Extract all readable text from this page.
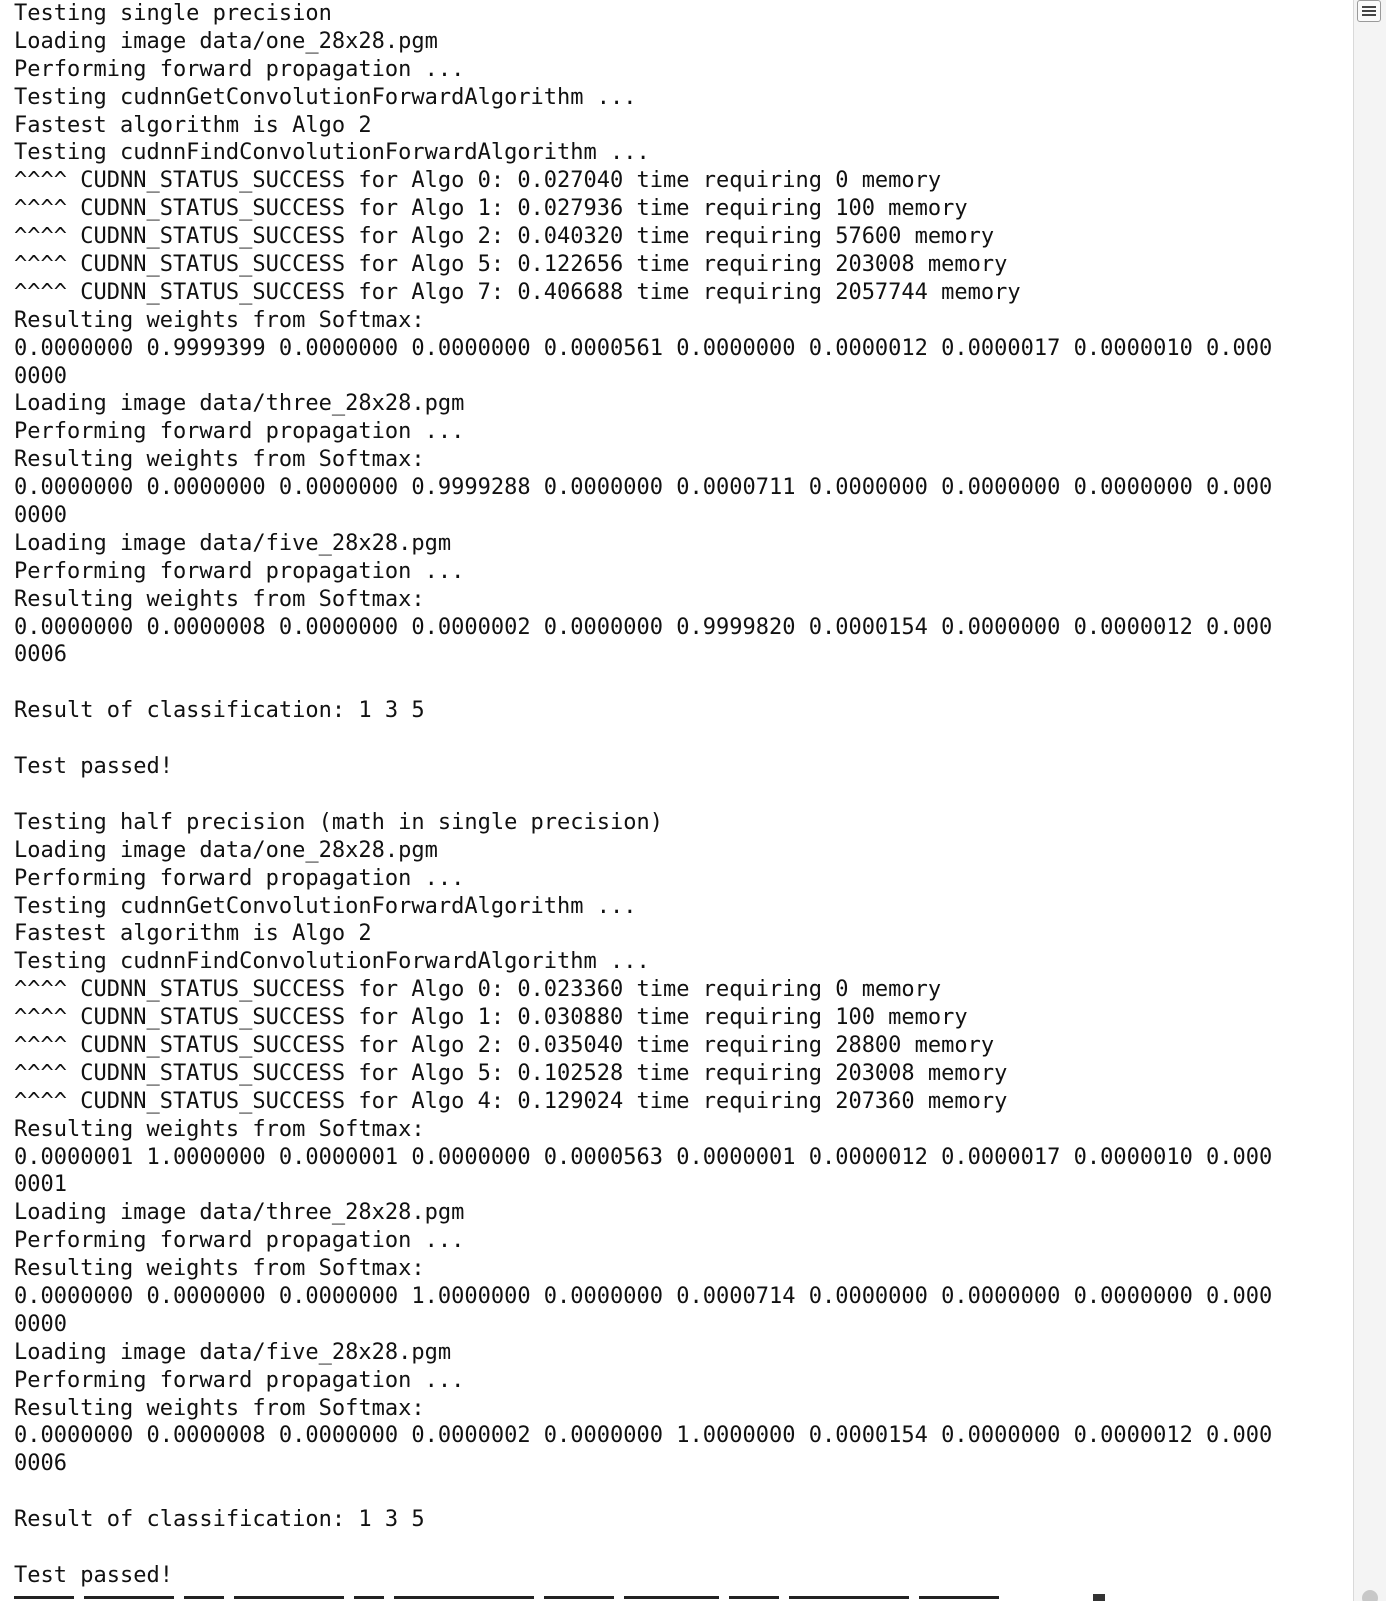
Testing single precision
Loading image data/one_28x28.pgm
Performing forward propagation ...
Testing cudnnGetConvolutionForwardAlgorithm ...
Fastest algorithm is Algo 2
Testing cudnnFindConvolutionForwardAlgorithm ...
^^^^ CUDNN_STATUS_SUCCESS for Algo 0: 0.027040 time requiring 0 memory
^^^^ CUDNN_STATUS_SUCCESS for Algo 1: 0.027936 time requiring 100 memory
^^^^ CUDNN_STATUS_SUCCESS for Algo 2: 0.040320 time requiring 57600 memory
^^^^ CUDNN_STATUS_SUCCESS for Algo 5: 0.122656 time requiring 203008 memory
^^^^ CUDNN_STATUS_SUCCESS for Algo 7: 0.406688 time requiring 2057744 memory
Resulting weights from Softmax:
0.0000000 0.9999399 0.0000000 0.0000000 0.0000561 0.0000000 0.0000012 0.0000017 0.0000010 0.000
0000
Loading image data/three_28x28.pgm
Performing forward propagation ...
Resulting weights from Softmax:
0.0000000 0.0000000 0.0000000 0.9999288 0.0000000 0.0000711 0.0000000 0.0000000 0.0000000 0.000
0000
Loading image data/five_28x28.pgm
Performing forward propagation ...
Resulting weights from Softmax:
0.0000000 0.0000008 0.0000000 0.0000002 0.0000000 0.9999820 0.0000154 0.0000000 0.0000012 0.000
0006
Result of classification: 1 3 5
Test passed!
Testing half precision (math in single precision)
Loading image data/one_28x28.pgm
Performing forward propagation ...
Testing cudnnGetConvolutionForwardAlgorithm ...
Fastest algorithm is Algo 2
Testing cudnnFindConvolutionForwardAlgorithm ...
^^^^ CUDNN_STATUS_SUCCESS for Algo 0: 0.023360 time requiring 0 memory
^^^^ CUDNN_STATUS_SUCCESS for Algo 1: 0.030880 time requiring 100 memory
^^^^ CUDNN_STATUS_SUCCESS for Algo 2: 0.035040 time requiring 28800 memory
^^^^ CUDNN_STATUS_SUCCESS for Algo 5: 0.102528 time requiring 203008 memory
^^^^ CUDNN_STATUS_SUCCESS for Algo 4: 0.129024 time requiring 207360 memory
Resulting weights from Softmax:
0.0000001 1.0000000 0.0000001 0.0000000 0.0000563 0.0000001 0.0000012 0.0000017 0.0000010 0.000
0001
Loading image data/three_28x28.pgm
Performing forward propagation ...
Resulting weights from Softmax:
0.0000000 0.0000000 0.0000000 1.0000000 0.0000000 0.0000714 0.0000000 0.0000000 0.0000000 0.000
0000
Loading image data/five_28x28.pgm
Performing forward propagation ...
Resulting weights from Softmax:
0.0000000 0.0000008 0.0000000 0.0000002 0.0000000 1.0000000 0.0000154 0.0000000 0.0000012 0.000
0006
Result of classification: 1 3 5
Test passed!
